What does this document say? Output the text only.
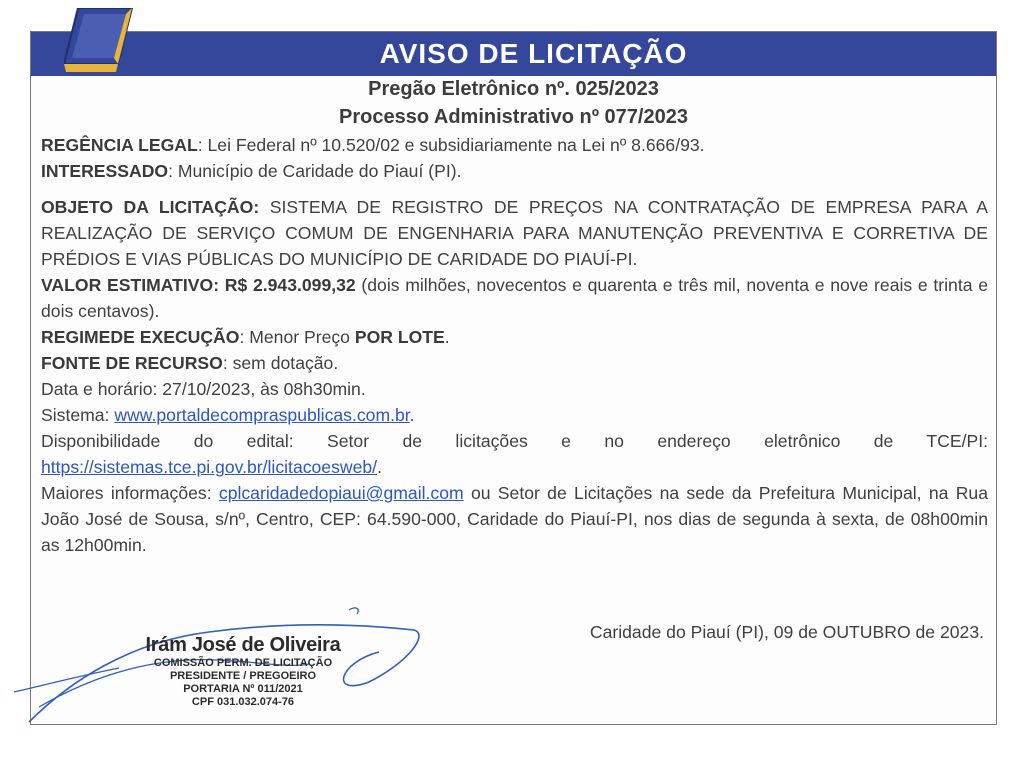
AVISO DE LICITAÇÃO
Pregão Eletrônico nº. 025/2023
Processo Administrativo nº 077/2023

REGÊNCIA LEGAL: Lei Federal nº 10.520/02 e subsidiariamente na Lei nº 8.666/93.

INTERESSADO: Município de Caridade do Piauí (PI).

OBJETO DA LICITAÇÃO: SISTEMA DE REGISTRO DE PREÇOS NA CONTRATAÇÃO DE EMPRESA PARA A REALIZAÇÃO DE SERVIÇO COMUM DE ENGENHARIA PARA MANUTENÇÃO PREVENTIVA E CORRETIVA DE PRÉDIOS E VIAS PÚBLICAS DO MUNICÍPIO DE CARIDADE DO PIAUÍ-PI.

VALOR ESTIMATIVO: R$ 2.943.099,32 (dois milhões, novecentos e quarenta e três mil, noventa e nove reais e trinta e dois centavos).

REGIMEDE EXECUÇÃO: Menor Preço POR LOTE.

FONTE DE RECURSO: sem dotação.

Data e horário: 27/10/2023, às 08h30min.

Sistema: www.portaldecompraspublicas.com.br.

Disponibilidade do edital: Setor de licitações e no endereço eletrônico de TCE/PI: https://sistemas.tce.pi.gov.br/licitacoesweb/.

Maiores informações: cplcaridadedopiaui@gmail.com ou Setor de Licitações na sede da Prefeitura Municipal, na Rua João José de Sousa, s/nº, Centro, CEP: 64.590-000, Caridade do Piauí-PI, nos dias de segunda à sexta, de 08h00min as 12h00min.

Caridade do Piauí (PI), 09 de OUTUBRO de 2023.
Irám José de Oliveira
COMISSÃO PERM. DE LICITAÇÃO
PRESIDENTE / PREGOEIRO
PORTARIA Nº 011/2021
CPF 031.032.074-76
